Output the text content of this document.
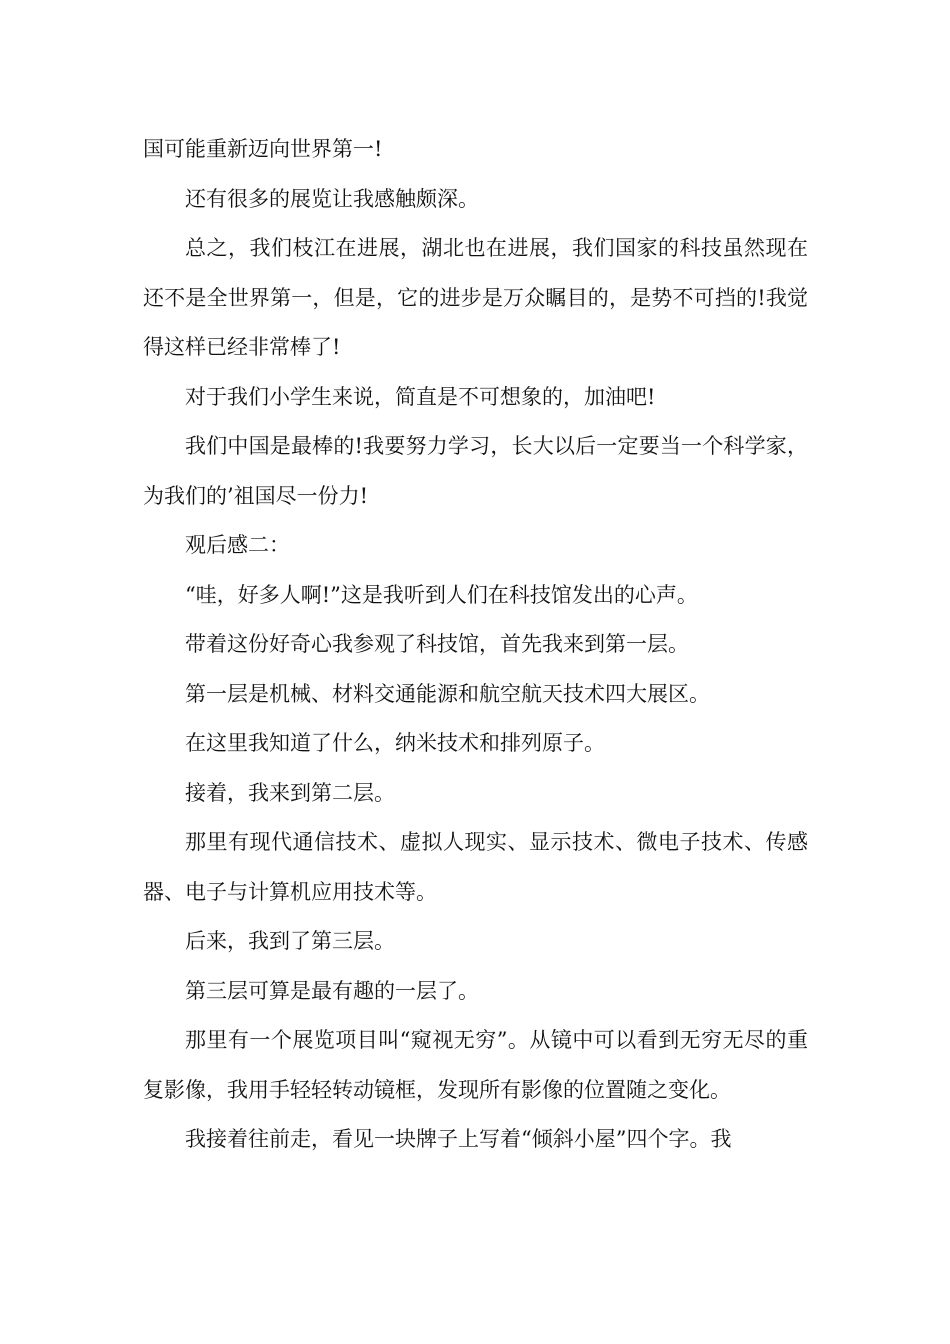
国可能重新迈向世界第一!

还有很多的展览让我感触颇深。

总之，我们枝江在进展，湖北也在进展，我们国家的科技虽然现在还不是全世界第一，但是，它的进步是万众瞩目的，是势不可挡的!我觉得这样已经非常棒了!

对于我们小学生来说，简直是不可想象的，加油吧!

我们中国是最棒的!我要努力学习，长大以后一定要当一个科学家，为我们的’祖国尽一份力!

观后感二：

“哇，好多人啊!”这是我听到人们在科技馆发出的心声。

带着这份好奇心我参观了科技馆，首先我来到第一层。

第一层是机械、材料交通能源和航空航天技术四大展区。

在这里我知道了什么，纳米技术和排列原子。

接着，我来到第二层。

那里有现代通信技术、虚拟人现实、显示技术、微电子技术、传感器、电子与计算机应用技术等。

后来，我到了第三层。

第三层可算是最有趣的一层了。

那里有一个展览项目叫“窥视无穷”。从镜中可以看到无穷无尽的重复影像，我用手轻轻转动镜框，发现所有影像的位置随之变化。

我接着往前走，看见一块牌子上写着“倾斜小屋”四个字。我
